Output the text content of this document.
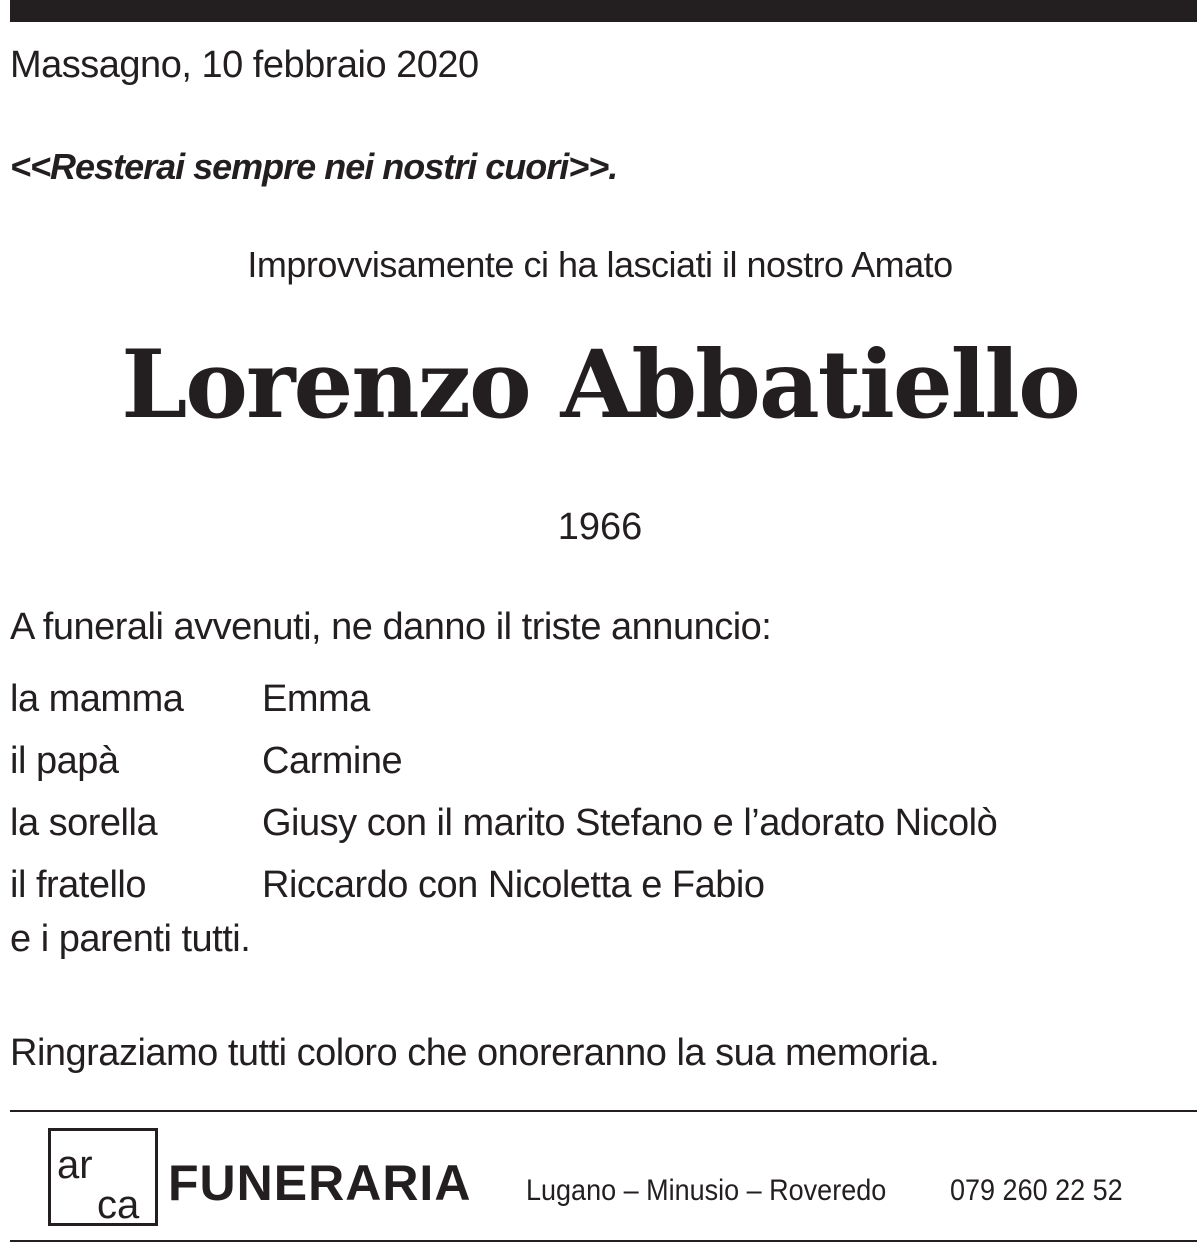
Massagno, 10 febbraio 2020
<<Resterai sempre nei nostri cuori>>.
Improvvisamente ci ha lasciati il nostro Amato
Lorenzo Abbatiello
1966
A funerali avvenuti, ne danno il triste annuncio:
la mamma	Emma
il papà	Carmine
la sorella	Giusy con il marito Stefano e l’adorato Nicolò
il fratello	Riccardo con Nicoletta e Fabio
e i parenti tutti.
Ringraziamo tutti coloro che onoreranno la sua memoria.
ar
ca FUNERARIA Lugano – Minusio – Roveredo 079 260 22 52
